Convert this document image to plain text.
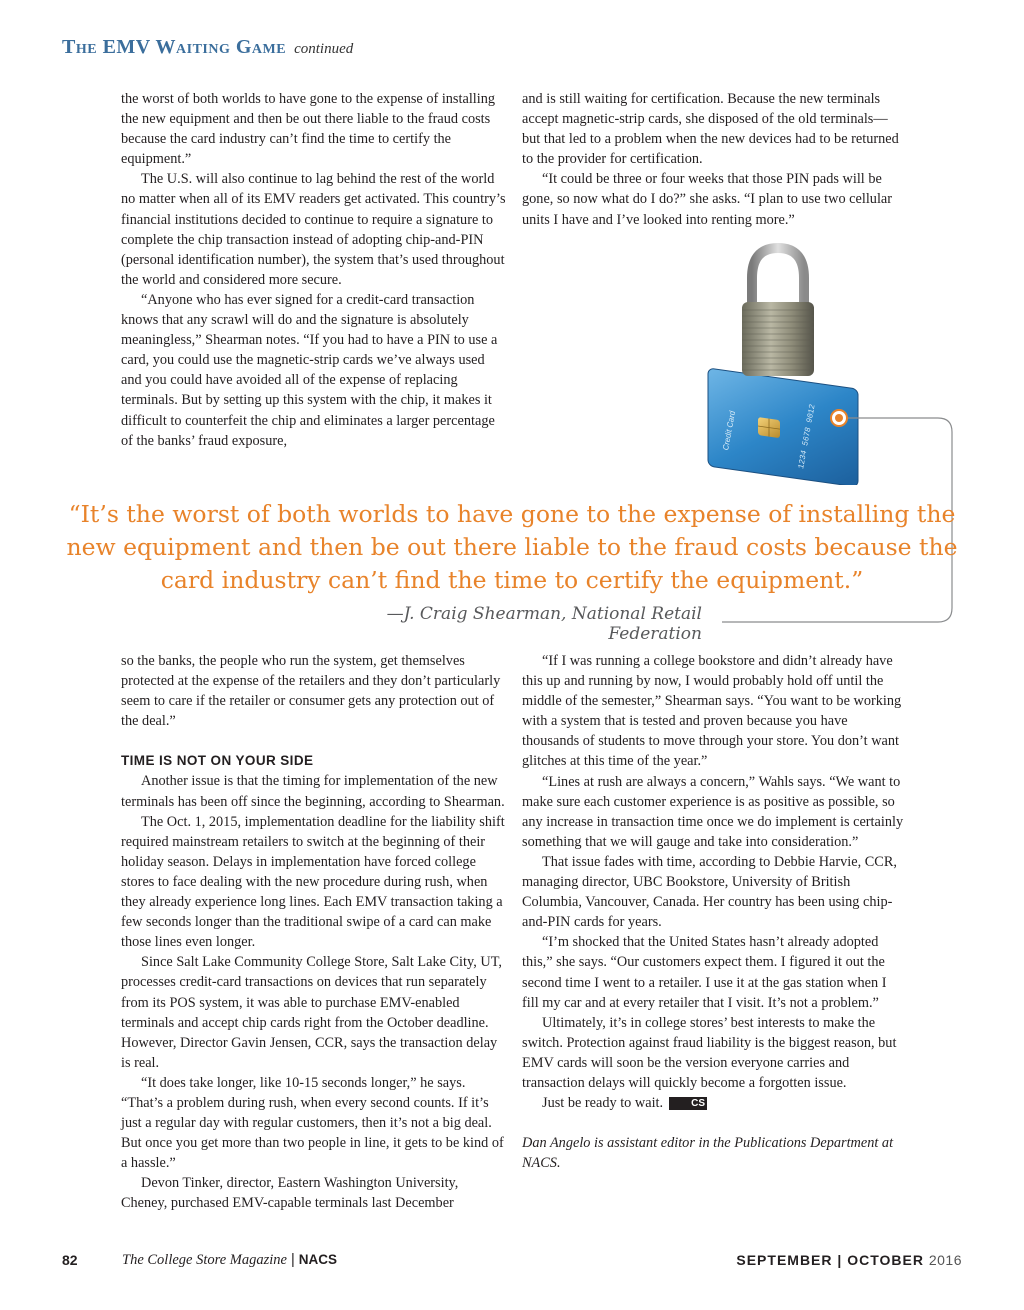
The EMV Waiting Game continued

the worst of both worlds to have gone to the expense of installing the new equipment and then be out there liable to the fraud costs because the card industry can’t find the time to certify the equipment.”

The U.S. will also continue to lag behind the rest of the world no matter when all of its EMV readers get activated. This country’s financial institutions decided to continue to require a signature to complete the chip transaction instead of adopting chip-and-PIN (personal identification number), the system that’s used throughout the world and considered more secure.

“Anyone who has ever signed for a credit-card transaction knows that any scrawl will do and the signature is absolutely meaningless,” Shearman notes. “If you had to have a PIN to use a card, you could use the magnetic-strip cards we’ve always used and you could have avoided all of the expense of replacing terminals. But by setting up this system with the chip, it makes it difficult to counterfeit the chip and eliminates a larger percentage of the banks’ fraud exposure,

and is still waiting for certification. Because the new terminals accept magnetic-strip cards, she disposed of the old terminals—but that led to a problem when the new devices had to be returned to the provider for certification.

“It could be three or four weeks that those PIN pads will be gone, so now what do I do?” she asks. “I plan to use two cellular units I have and I’ve looked into renting more.”

Credit Card	1234 5678 9012
“It’s the worst of both worlds to have gone to the expense of installing the new equipment and then be out there liable to the fraud costs because the card industry can’t find the time to certify the equipment.”
—J. Craig Shearman, National Retail Federation

so the banks, the people who run the system, get themselves protected at the expense of the retailers and they don’t particularly seem to care if the retailer or consumer gets any protection out of the deal.”

TIME IS NOT ON YOUR SIDE

Another issue is that the timing for implementation of the new terminals has been off since the beginning, according to Shearman.

The Oct. 1, 2015, implementation deadline for the liability shift required mainstream retailers to switch at the beginning of their holiday season. Delays in implementation have forced college stores to face dealing with the new procedure during rush, when they already experience long lines. Each EMV transaction taking a few seconds longer than the traditional swipe of a card can make those lines even longer.

Since Salt Lake Community College Store, Salt Lake City, UT, processes credit-card transactions on devices that run separately from its POS system, it was able to purchase EMV-enabled terminals and accept chip cards right from the October deadline. However, Director Gavin Jensen, CCR, says the transaction delay is real.

“It does take longer, like 10-15 seconds longer,” he says. “That’s a problem during rush, when every second counts. If it’s just a regular day with regular customers, then it’s not a big deal. But once you get more than two people in line, it gets to be kind of a hassle.”

Devon Tinker, director, Eastern Washington University, Cheney, purchased EMV-capable terminals last December

“If I was running a college bookstore and didn’t already have this up and running by now, I would probably hold off until the middle of the semester,” Shearman says. “You want to be working with a system that is tested and proven because you have thousands of students to move through your store. You don’t want glitches at this time of the year.”

“Lines at rush are always a concern,” Wahls says. “We want to make sure each customer experience is as positive as possible, so any increase in transaction time once we do implement is certainly something that we will gauge and take into consideration.”

That issue fades with time, according to Debbie Harvie, CCR, managing director, UBC Bookstore, University of British Columbia, Vancouver, Canada. Her country has been using chip-and-PIN cards for years.

“I’m shocked that the United States hasn’t already adopted this,” she says. “Our customers expect them. I figured it out the second time I went to a retailer. I use it at the gas station when I fill my car and at every retailer that I visit. It’s not a problem.”

Ultimately, it’s in college stores’ best interests to make the switch. Protection against fraud liability is the biggest reason, but EMV cards will soon be the version everyone carries and transaction delays will quickly become a forgotten issue.

Just be ready to wait.	CS

Dan Angelo is assistant editor in the Publications Department at NACS.

82	The College Store Magazine | NACS	SEPTEMBER | OCTOBER 2016
